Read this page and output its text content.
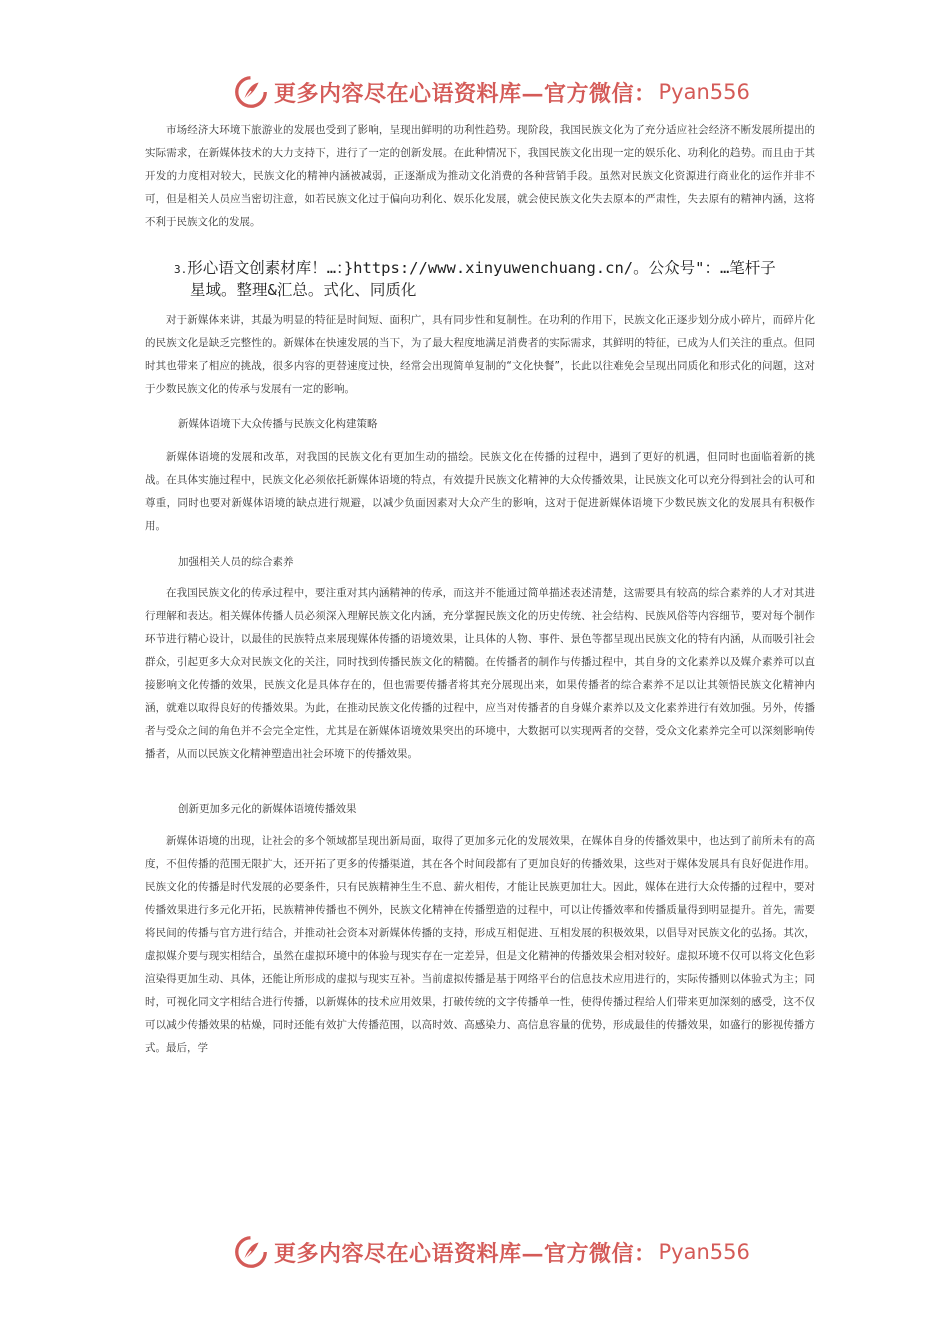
更多内容尽在心语资料库—官方微信： Pyan556

市场经济大环境下旅游业的发展也受到了影响，呈现出鲜明的功利性趋势。现阶段，我国民族文化为了充分适应社会经济不断发展所提出的实际需求，在新媒体技术的大力支持下，进行了一定的创新发展。在此种情况下，我国民族文化出现一定的娱乐化、功利化的趋势。而且由于其开发的力度相对较大，民族文化的精神内涵被减弱，正逐渐成为推动文化消费的各种营销手段。虽然对民族文化资源进行商业化的运作并非不可，但是相关人员应当密切注意，如若民族文化过于偏向功利化、娱乐化发展，就会使民族文化失去原本的严肃性，失去原有的精神内涵，这将不利于民族文化的发展。

3.形心语文创素材库！…：}https://www.xinyuwenchuang.cn/。公众号"：…笔杆子
星域。整理&汇总。式化、同质化

对于新媒体来讲，其最为明显的特征是时间短、面积广，具有同步性和复制性。在功利的作用下，民族文化正逐步划分成小碎片，而碎片化的民族文化是缺乏完整性的。新媒体在快速发展的当下，为了最大程度地满足消费者的实际需求，其鲜明的特征，已成为人们关注的重点。但同时其也带来了相应的挑战，很多内容的更替速度过快，经常会出现简单复制的“文化快餐”，长此以往难免会呈现出同质化和形式化的问题，这对于少数民族文化的传承与发展有一定的影响。

新媒体语境下大众传播与民族文化构建策略

新媒体语境的发展和改革，对我国的民族文化有更加生动的描绘。民族文化在传播的过程中，遇到了更好的机遇，但同时也面临着新的挑战。在具体实施过程中，民族文化必须依托新媒体语境的特点，有效提升民族文化精神的大众传播效果，让民族文化可以充分得到社会的认可和尊重，同时也要对新媒体语境的缺点进行规避，以减少负面因素对大众产生的影响，这对于促进新媒体语境下少数民族文化的发展具有积极作用。

加强相关人员的综合素养

在我国民族文化的传承过程中，要注重对其内涵精神的传承，而这并不能通过简单描述表述清楚，这需要具有较高的综合素养的人才对其进行理解和表达。相关媒体传播人员必须深入理解民族文化内涵，充分掌握民族文化的历史传统、社会结构、民族风俗等内容细节，要对每个制作环节进行精心设计，以最佳的民族特点来展现媒体传播的语境效果，让具体的人物、事件、景色等都呈现出民族文化的特有内涵，从而吸引社会群众，引起更多大众对民族文化的关注，同时找到传播民族文化的精髓。在传播者的制作与传播过程中，其自身的文化素养以及媒介素养可以直接影响文化传播的效果，民族文化是具体存在的，但也需要传播者将其充分展现出来，如果传播者的综合素养不足以让其领悟民族文化精神内涵，就难以取得良好的传播效果。为此，在推动民族文化传播的过程中，应当对传播者的自身媒介素养以及文化素养进行有效加强。另外，传播者与受众之间的角色并不会完全定性，尤其是在新媒体语境效果突出的环境中，大数据可以实现两者的交替，受众文化素养完全可以深刻影响传播者，从而以民族文化精神塑造出社会环境下的传播效果。

创新更加多元化的新媒体语境传播效果

新媒体语境的出现，让社会的多个领域都呈现出新局面，取得了更加多元化的发展效果，在媒体自身的传播效果中，也达到了前所未有的高度，不但传播的范围无限扩大，还开拓了更多的传播渠道，其在各个时间段都有了更加良好的传播效果，这些对于媒体发展具有良好促进作用。民族文化的传播是时代发展的必要条件，只有民族精神生生不息、薪火相传，才能让民族更加壮大。因此，媒体在进行大众传播的过程中，要对传播效果进行多元化开拓，民族精神传播也不例外，民族文化精神在传播塑造的过程中，可以让传播效率和传播质量得到明显提升。首先，需要将民间的传播与官方进行结合，并推动社会资本对新媒体传播的支持，形成互相促进、互相发展的积极效果，以倡导对民族文化的弘扬。其次，虚拟媒介要与现实相结合，虽然在虚拟环境中的体验与现实存在一定差异，但是文化精神的传播效果会相对较好。虚拟环境不仅可以将文化色彩渲染得更加生动、具体，还能让所形成的虚拟与现实互补。当前虚拟传播是基于网络平台的信息技术应用进行的，实际传播则以体验式为主；同时，可视化同文字相结合进行传播，以新媒体的技术应用效果，打破传统的文字传播单一性，使得传播过程给人们带来更加深刻的感受，这不仅可以减少传播效果的枯燥，同时还能有效扩大传播范围，以高时效、高感染力、高信息容量的优势，形成最佳的传播效果，如盛行的影视传播方式。最后，学

更多内容尽在心语资料库—官方微信： Pyan556
